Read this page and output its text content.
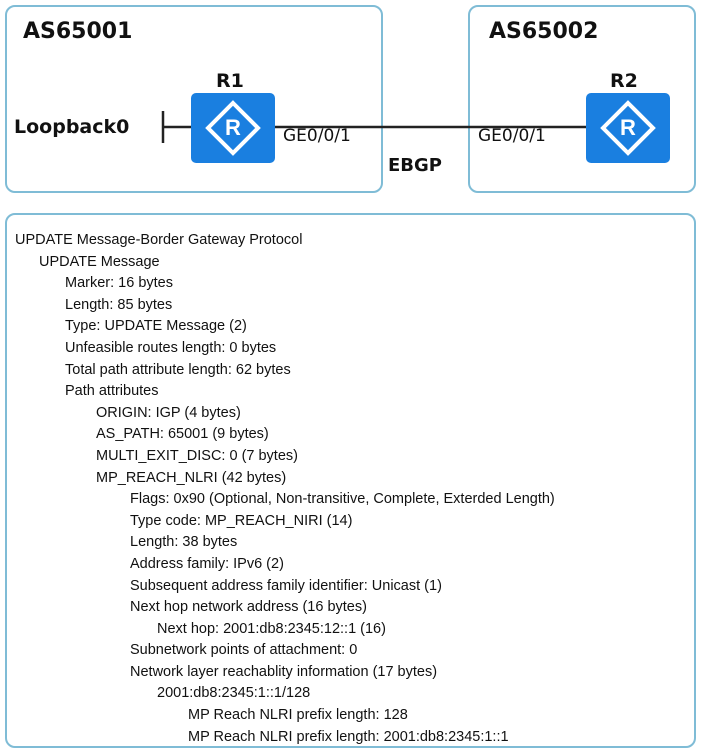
AS65001	AS65002
Loopback0	R
R1
GE0/0/1	R
R2
GE0/0/1
EBGP
UPDATE Message-Border Gateway Protocol
UPDATE Message
Marker: 16 bytes
Length: 85 bytes
Type: UPDATE Message (2)
Unfeasible routes length: 0 bytes
Total path attribute length: 62 bytes
Path attributes
ORIGIN: IGP (4 bytes)
AS_PATH: 65001 (9 bytes)
MULTI_EXIT_DISC: 0 (7 bytes)
MP_REACH_NLRI (42 bytes)
Flags: 0x90 (Optional, Non-transitive, Complete, Exterded Length)
Type code: MP_REACH_NIRI (14)
Length: 38 bytes
Address family: IPv6 (2)
Subsequent address family identifier: Unicast (1)
Next hop network address (16 bytes)
Next hop: 2001:db8:2345:12::1 (16)
Subnetwork points of attachment: 0
Network layer reachablity information (17 bytes)
2001:db8:2345:1::1/128
MP Reach NLRI prefix length: 128
MP Reach NLRI prefix length: 2001:db8:2345:1::1
